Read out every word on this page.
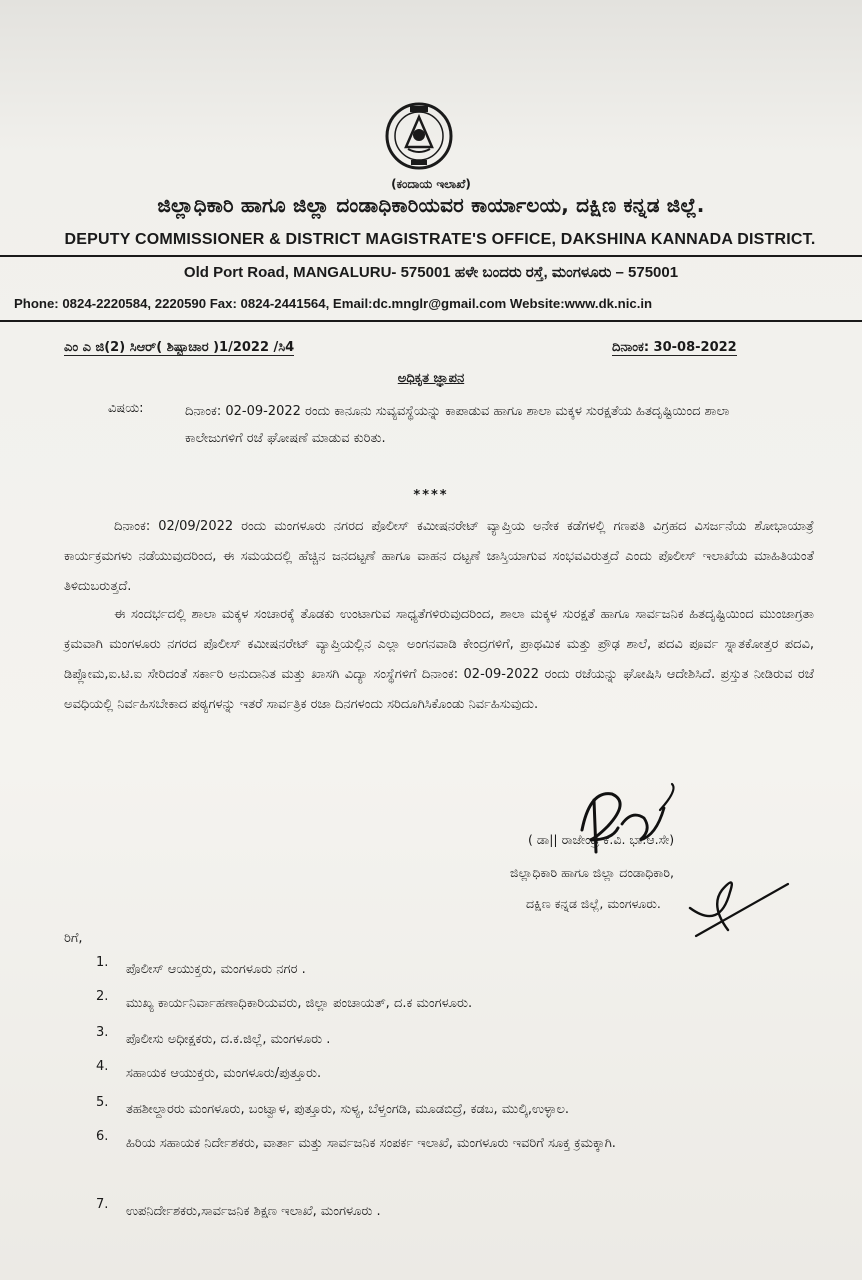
(ಕಂದಾಯ ಇಲಾಖೆ)
ಜಿಲ್ಲಾಧಿಕಾರಿ ಹಾಗೂ ಜಿಲ್ಲಾ ದಂಡಾಧಿಕಾರಿಯವರ ಕಾರ್ಯಾಲಯ, ದಕ್ಷಿಣ ಕನ್ನಡ ಜಿಲ್ಲೆ.
DEPUTY COMMISSIONER & DISTRICT MAGISTRATE'S OFFICE, DAKSHINA KANNADA DISTRICT.
Old Port Road, MANGALURU- 575001 ಹಳೇ ಬಂದರು ರಸ್ತೆ, ಮಂಗಳೂರು – 575001
Phone: 0824-2220584, 2220590 Fax: 0824-2441564, Email:dc.mnglr@gmail.com Website:www.dk.nic.in
ಎಂ ಎ ಜಿ(2) ಸಿಆರ್( ಶಿಷ್ಟಾಚಾರ )1/2022 /ಸಿ4	ದಿನಾಂಕ: 30-08-2022
ಅಧಿಕೃತ ಜ್ಞಾಪನ
ವಿಷಯ:	ದಿನಾಂಕ: 02-09-2022 ರಂದು ಕಾನೂನು ಸುವ್ಯವಸ್ಥೆಯನ್ನು ಕಾಪಾಡುವ ಹಾಗೂ ಶಾಲಾ ಮಕ್ಕಳ ಸುರಕ್ಷತೆಯ ಹಿತದೃಷ್ಟಿಯಿಂದ ಶಾಲಾ ಕಾಲೇಜುಗಳಿಗೆ ರಜೆ ಘೋಷಣೆ ಮಾಡುವ ಕುರಿತು.
****
ದಿನಾಂಕ: 02/09/2022 ರಂದು ಮಂಗಳೂರು ನಗರದ ಪೊಲೀಸ್ ಕಮೀಷನರೇಟ್ ವ್ಯಾಪ್ತಿಯ ಅನೇಕ ಕಡೆಗಳಲ್ಲಿ ಗಣಪತಿ ವಿಗ್ರಹದ ವಿಸರ್ಜನೆಯ ಶೋಭಾಯಾತ್ರೆ ಕಾರ್ಯಕ್ರಮಗಳು ನಡೆಯುವುದರಿಂದ, ಈ ಸಮಯದಲ್ಲಿ ಹೆಚ್ಚಿನ ಜನದಟ್ಟಣೆ ಹಾಗೂ ವಾಹನ ದಟ್ಟಣೆ ಜಾಸ್ತಿಯಾಗುವ ಸಂಭವವಿರುತ್ತದೆ ಎಂದು ಪೊಲೀಸ್ ಇಲಾಖೆಯ ಮಾಹಿತಿಯಂತೆ ತಿಳಿದುಬರುತ್ತದೆ.
ಈ ಸಂದರ್ಭದಲ್ಲಿ ಶಾಲಾ ಮಕ್ಕಳ ಸಂಚಾರಕ್ಕೆ ತೊಡಕು ಉಂಟಾಗುವ ಸಾಧ್ಯತೆಗಳಿರುವುದರಿಂದ, ಶಾಲಾ ಮಕ್ಕಳ ಸುರಕ್ಷತೆ ಹಾಗೂ ಸಾರ್ವಜನಿಕ ಹಿತದೃಷ್ಟಿಯಿಂದ ಮುಂಜಾಗ್ರತಾ ಕ್ರಮವಾಗಿ ಮಂಗಳೂರು ನಗರದ ಪೊಲೀಸ್ ಕಮೀಷನರೇಟ್ ವ್ಯಾಪ್ತಿಯಲ್ಲಿನ ಎಲ್ಲಾ ಅಂಗನವಾಡಿ ಕೇಂದ್ರಗಳಿಗೆ, ಪ್ರಾಥಮಿಕ ಮತ್ತು ಪ್ರೌಢ ಶಾಲೆ, ಪದವಿ ಪೂರ್ವ ಸ್ನಾತಕೋತ್ತರ ಪದವಿ, ಡಿಪ್ಲೋಮ,ಐ.ಟಿ.ಐ ಸೇರಿದಂತೆ ಸರ್ಕಾರಿ ಅನುದಾನಿತ ಮತ್ತು ಖಾಸಗಿ ವಿದ್ಯಾ ಸಂಸ್ಥೆಗಳಿಗೆ ದಿನಾಂಕ: 02-09-2022 ರಂದು ರಜೆಯನ್ನು ಘೋಷಿಸಿ ಆದೇಶಿಸಿದೆ. ಪ್ರಸ್ತುತ ನೀಡಿರುವ ರಜೆ ಅವಧಿಯಲ್ಲಿ ನಿರ್ವಹಿಸಬೇಕಾದ ಪಠ್ಯಗಳನ್ನು ಇತರೆ ಸಾರ್ವತ್ರಿಕ ರಜಾ ದಿನಗಳಂದು ಸರಿದೂಗಿಸಿಕೊಂಡು ನಿರ್ವಹಿಸುವುದು.
( ಡಾ|| ರಾಜೇಂದ್ರ ಕೆ.ವಿ. ಭಾ.ಆ.ಸೇ)
ಜಿಲ್ಲಾಧಿಕಾರಿ ಹಾಗೂ ಜಿಲ್ಲಾ ದಂಡಾಧಿಕಾರಿ,
ದಕ್ಷಿಣ ಕನ್ನಡ ಜಿಲ್ಲೆ, ಮಂಗಳೂರು.
ರಿಗೆ,
1.	ಪೊಲೀಸ್ ಆಯುಕ್ತರು, ಮಂಗಳೂರು ನಗರ .
2.	ಮುಖ್ಯ ಕಾರ್ಯನಿರ್ವಾಹಣಾಧಿಕಾರಿಯವರು, ಜಿಲ್ಲಾ ಪಂಚಾಯತ್, ದ.ಕ ಮಂಗಳೂರು.
3.	ಪೊಲೀಸು ಅಧೀಕ್ಷಕರು, ದ.ಕ.ಜಿಲ್ಲೆ, ಮಂಗಳೂರು .
4.	ಸಹಾಯಕ ಆಯುಕ್ತರು, ಮಂಗಳೂರು/ಪುತ್ತೂರು.
5.	ತಹಶೀಲ್ದಾರರು ಮಂಗಳೂರು, ಬಂಟ್ವಾಳ, ಪುತ್ತೂರು, ಸುಳ್ಯ, ಬೆಳ್ತಂಗಡಿ, ಮೂಡಬಿದ್ರೆ, ಕಡಬ, ಮುಲ್ಕಿ,ಉಳ್ಳಾಲ.
6.	ಹಿರಿಯ ಸಹಾಯಕ ನಿರ್ದೇಶಕರು, ವಾರ್ತಾ ಮತ್ತು ಸಾರ್ವಜನಿಕ ಸಂಪರ್ಕ ಇಲಾಖೆ, ಮಂಗಳೂರು ಇವರಿಗೆ ಸೂಕ್ತ ಕ್ರಮಕ್ಕಾಗಿ.
7.	ಉಪನಿರ್ದೇಶಕರು,ಸಾರ್ವಜನಿಕ ಶಿಕ್ಷಣ ಇಲಾಖೆ, ಮಂಗಳೂರು .
